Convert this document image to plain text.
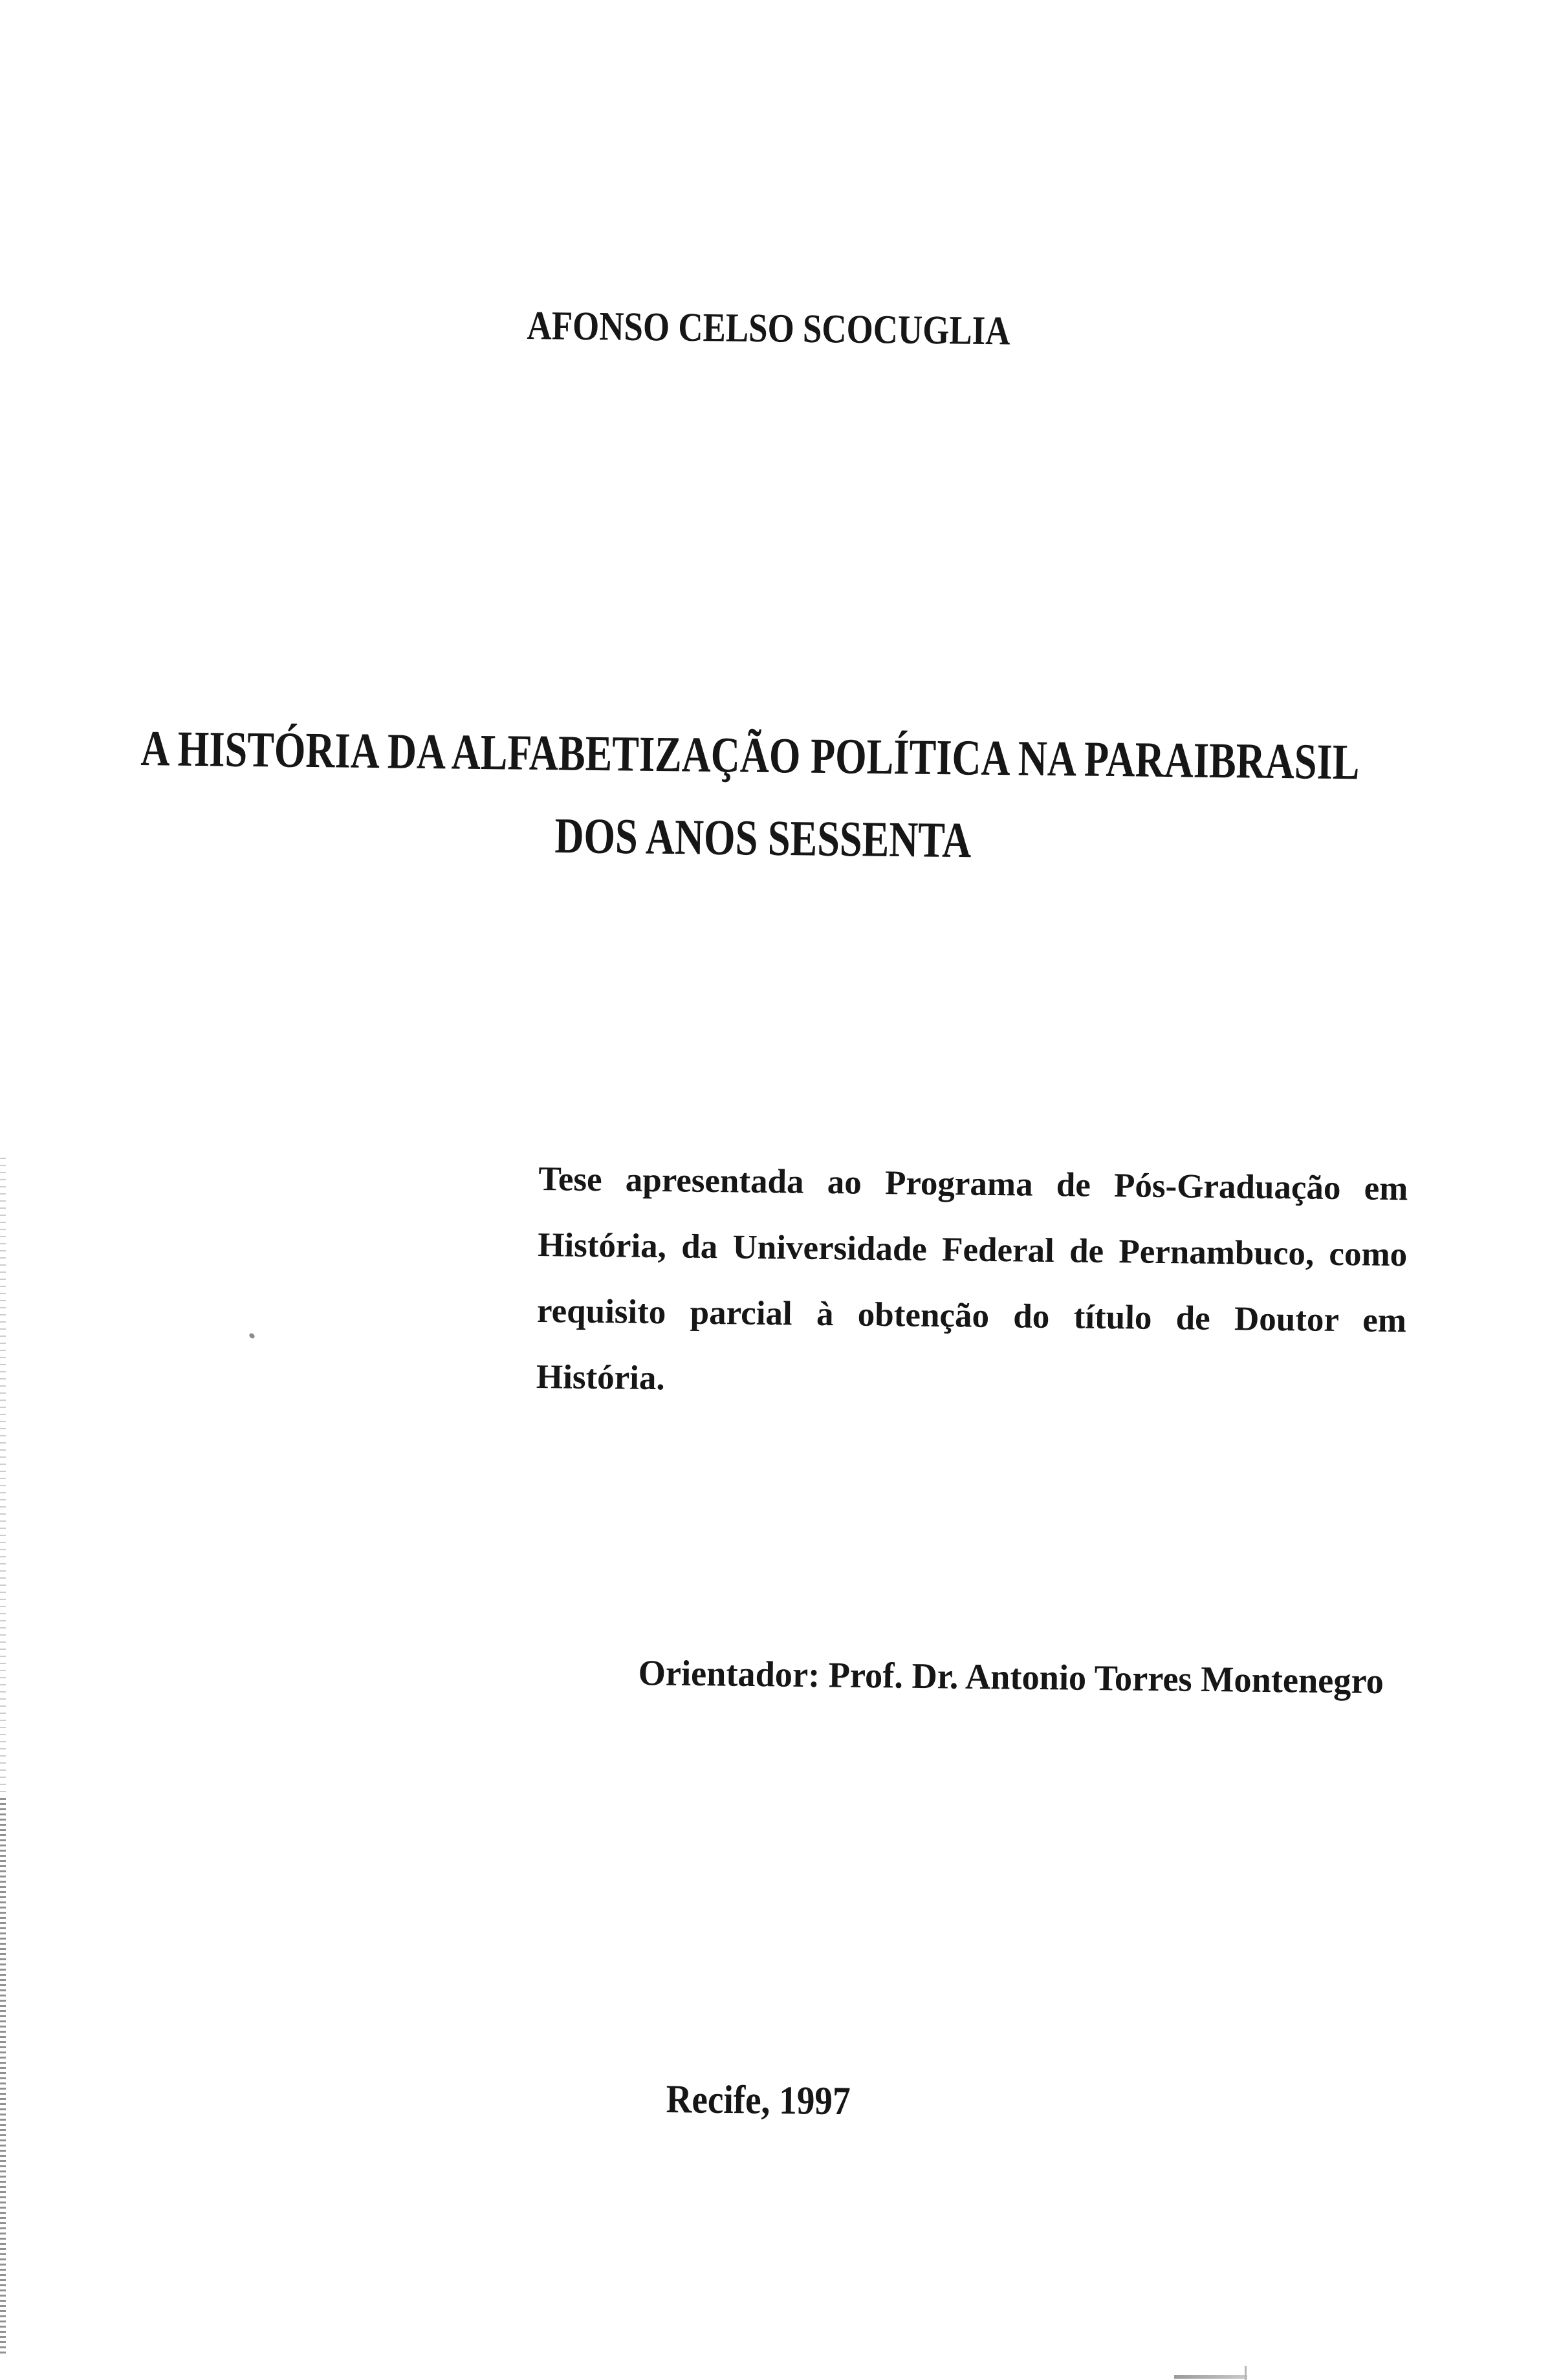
AFONSO CELSO SCOCUGLIA
A HISTÓRIA DA ALFABETIZAÇÃO POLÍTICA NA PARAIBRASIL
DOS ANOS SESSENTA
Tese apresentada ao Programa de Pós-Graduação em
História, da Universidade Federal de Pernambuco, como
requisito parcial à obtenção do título de Doutor em
História.
Orientador: Prof. Dr. Antonio Torres Montenegro
Recife, 1997
